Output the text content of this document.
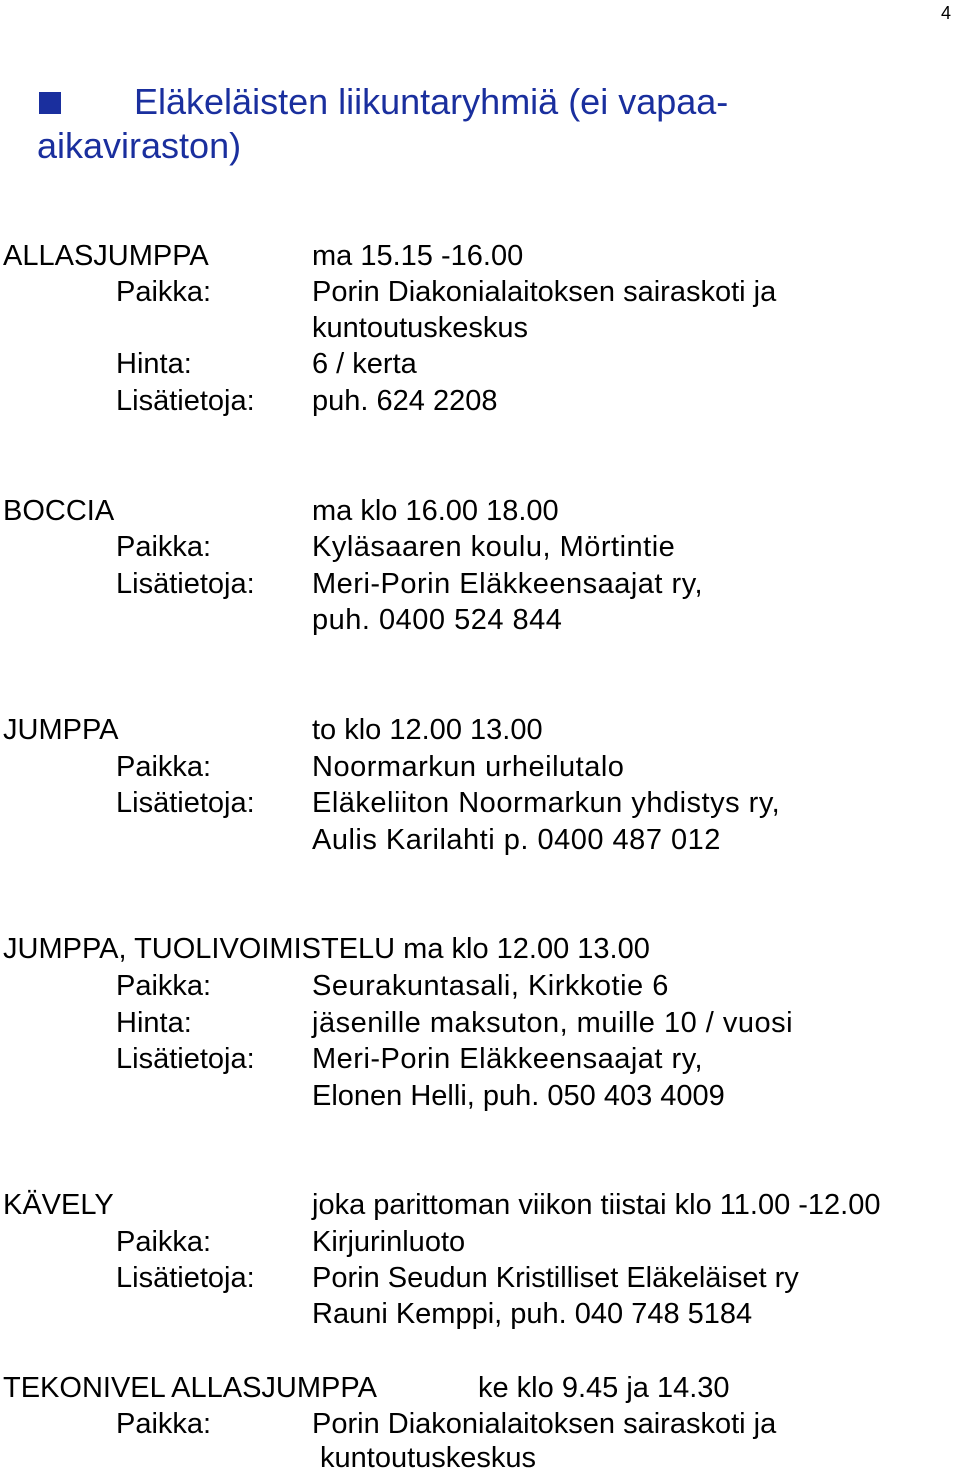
4
Eläkeläisten liikuntaryhmiä (ei vapaa-
aikaviraston)
ALLASJUMPPA	ma 15.15 -16.00
Paikka:	Porin Diakonialaitoksen sairaskoti ja
kuntoutuskeskus
Hinta:	6 / kerta
Lisätietoja: puh. 624 2208
BOCCIA	ma klo 16.00 18.00
Paikka:	Kyläsaaren koulu, Mörtintie
Lisätietoja: Meri-Porin Eläkkeensaajat ry,
puh. 0400 524 844
JUMPPA	to klo 12.00 13.00
Paikka:	Noormarkun urheilutalo
Lisätietoja: Eläkeliiton Noormarkun yhdistys ry,
Aulis Karilahti p. 0400 487 012
JUMPPA, TUOLIVOIMISTELU ma klo 12.00 13.00
Paikka:	Seurakuntasali, Kirkkotie 6
Hinta:	jäsenille maksuton, muille 10 / vuosi
Lisätietoja: Meri-Porin Eläkkeensaajat ry,
Elonen Helli, puh. 050 403 4009
KÄVELY	joka parittoman viikon tiistai klo 11.00 -12.00
Paikka:	Kirjurinluoto
Lisätietoja: Porin Seudun Kristilliset Eläkeläiset ry
Rauni Kemppi, puh. 040 748 5184
TEKONIVEL ALLASJUMPPA	ke klo 9.45 ja 14.30
Paikka:	Porin Diakonialaitoksen sairaskoti ja
kuntoutuskeskus
